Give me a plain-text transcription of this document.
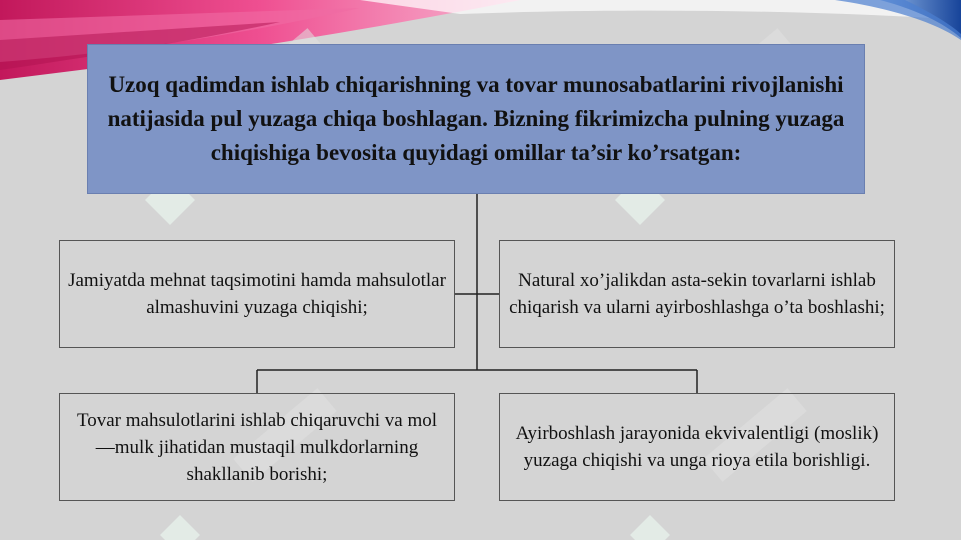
Uzoq qadimdan ishlab chiqarishning va tovar munosabatlarini rivojlanishi natijasida pul yuzaga chiqa boshlagan. Bizning fikrimizcha pulning yuzaga chiqishiga bevosita quyidagi omillar ta’sir ko’rsatgan:
Jamiyatda mehnat taqsimotini hamda mahsulotlar almashuvini yuzaga chiqishi;
Natural xo’jalikdan asta-sekin tovarlarni ishlab chiqarish va ularni ayirboshlashga o’ta boshlashi;
Tovar mahsulotlarini ishlab chiqaruvchi va mol —mulk jihatidan mustaqil mulkdorlarning shakllanib borishi;
Ayirboshlash jarayonida ekvivalentligi (moslik) yuzaga chiqishi va unga rioya etila borishligi.
